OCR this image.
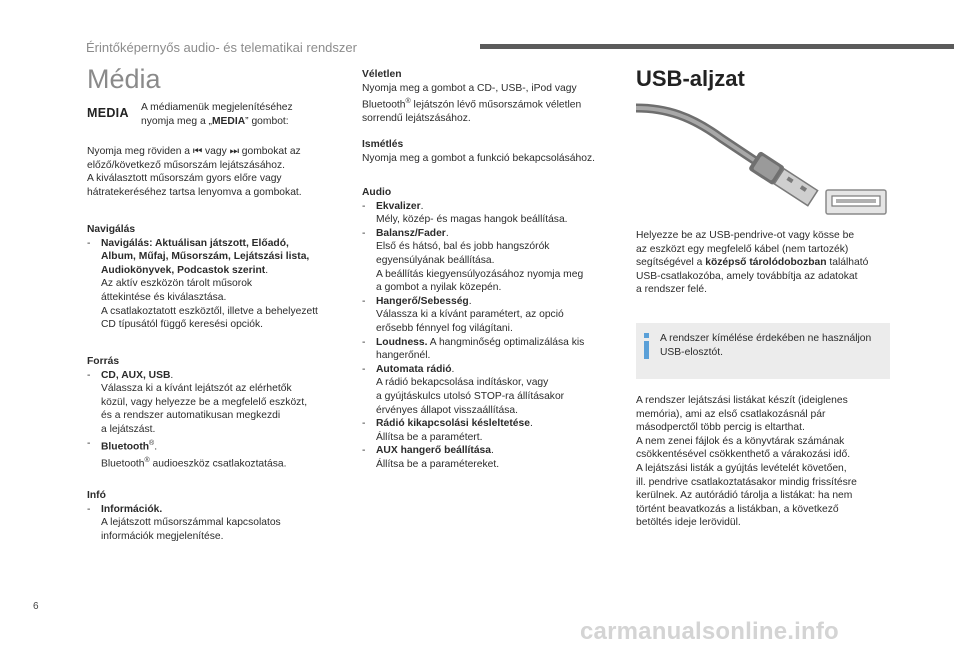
Érintőképernyős audio- és telematikai rendszer
Média
MEDIA A médiamenük megjelenítéséhez
nyomja meg a „MEDIA” gombot:
Nyomja meg röviden a ⏮ vagy ⏭ gombokat az
előző/következő műsorszám lejátszásához.
A kiválasztott műsorszám gyors előre vagy
hátratekeréséhez tartsa lenyomva a gombokat.
Navigálás

-	Navigálás: Aktuálisan játszott, Előadó,
Album, Műfaj, Műsorszám, Lejátszási lista,
Audiokönyvek, Podcastok szerint.
Az aktív eszközön tárolt műsorok
áttekintése és kiválasztása.
A csatlakoztatott eszköztől, illetve a behelyezett
CD típusától függő keresési opciók.
Forrás

-	CD, AUX, USB.
Válassza ki a kívánt lejátszót az elérhetők
közül, vagy helyezze be a megfelelő eszközt,
és a rendszer automatikusan megkezdi
a lejátszást.
-	Bluetooth®.
Bluetooth® audioeszköz csatlakoztatása.
Infó

-	Információk.
A lejátszott műsorszámmal kapcsolatos
információk megjelenítése.
Véletlen
Nyomja meg a gombot a CD-, USB-, iPod vagy
Bluetooth® lejátszón lévő műsorszámok véletlen
sorrendű lejátszásához.
Ismétlés
Nyomja meg a gombot a funkció bekapcsolásához.
Audio

-	Ekvalizer.
Mély, közép- és magas hangok beállítása.
-	Balansz/Fader.
Első és hátsó, bal és jobb hangszórók
egyensúlyának beállítása.
A beállítás kiegyensúlyozásához nyomja meg
a gombot a nyilak közepén.
-	Hangerő/Sebesség.
Válassza ki a kívánt paramétert, az opció
erősebb fénnyel fog világítani.
-	Loudness. A hangminőség optimalizálása kis
hangerőnél.
-	Automata rádió.
A rádió bekapcsolása indításkor, vagy
a gyújtáskulcs utolsó STOP-ra állításakor
érvényes állapot visszaállítása.
-	Rádió kikapcsolási késleltetése.
Állítsa be a paramétert.
-	AUX hangerő beállítása.
Állítsa be a paramétereket.
USB-aljzat
Helyezze be az USB-pendrive-ot vagy kösse be
az eszközt egy megfelelő kábel (nem tartozék)
segítségével a középső tárolódobozban található
USB-csatlakozóba, amely továbbítja az adatokat
a rendszer felé.
A rendszer kímélése érdekében ne használjon
USB-elosztót.
A rendszer lejátszási listákat készít (ideiglenes
memória), ami az első csatlakozásnál pár
másodperctől több percig is eltarthat.
A nem zenei fájlok és a könyvtárak számának
csökkentésével csökkenthető a várakozási idő.
A lejátszási listák a gyújtás levételét követően,
ill. pendrive csatlakoztatásakor mindig frissítésre
kerülnek. Az autórádió tárolja a listákat: ha nem
történt beavatkozás a listákban, a következő
betöltés ideje lerövidül.
6
carmanualsonline.info
